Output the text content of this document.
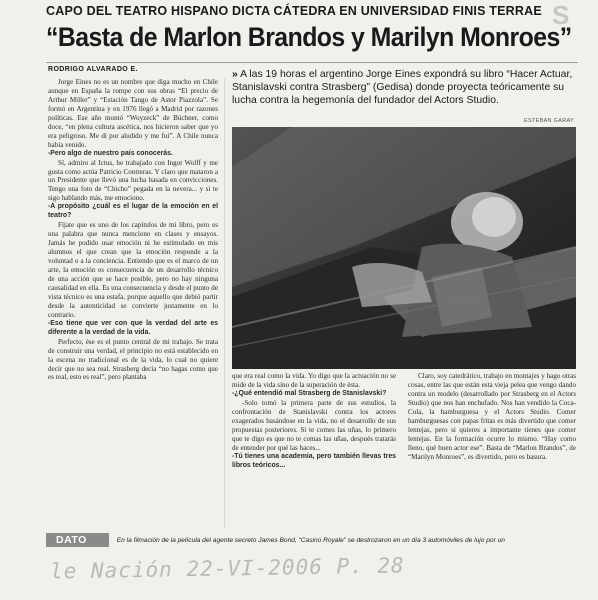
CAPO DEL TEATRO HISPANO DICTA CÁTEDRA EN UNIVERSIDAD FINIS TERRAE S
“Basta de Marlon Brandos y Marilyn Monroes”
RODRIGO ALVARADO E.	» A las 19 horas el argentino Jorge Eines expondrá su libro “Hacer Actuar, Stanislavski contra Strasberg” (Gedisa) donde proyecta teóricamente su lucha contra la hegemonía del fundador del Actors Studio.
ESTEBAN GARAY

Jorge Eines no es un nombre que diga mucho en Chile aunque en España la rompe con sus obras “El precio de Arthur Miller” y “Estación Tango de Astor Piazzola”. Se formó en Argentina y en 1976 llegó a Madrid por razones políticas. Ese año montó “Woyzeck” de Büchner, como doce, “en plena cultura ascética, nos hicieron saber que yo era peligroso. Me di por aludido y me fui”. A Chile nunca había venido.

-Pero algo de nuestro país conocerás.

Sí, admiro al Ictus, he trabajado con Ingot Wolff y me gusta como actúa Patricio Contreras. Y claro que mataron a un Presidente que llevó una lucha basada en convicciones. Tengo una foto de “Chicho” pegada en la nevera... y si te sigo hablando más, me emociono.

-A propósito ¿cuál es el lugar de la emoción en el teatro?

Fíjate que es uno de los capítulos de mi libro, pero es una palabra que nunca menciono en clases y ensayos. Jamás he podido usar emoción ni he estimulado en mis alumnos el que crean que la emoción responde a la voluntad o a la conciencia. Entiendo que es el marco de un arte, la emoción es consecuencia de un desarrollo técnico de una acción que se hace posible, pero no hay ninguna causalidad en ella. Es una consecuencia y desde el punto de vista técnico es una estafa, porque aquello que debió partir desde la autenticidad se convierte justamente en lo contrario.

-Eso tiene que ver con que la verdad del arte es diferente a la verdad de la vida.

Perfecto, ése es el punto central de mi trabajo. Se trata de construir una verdad, el principio no está establecido en la escena no tradicional es de la vida, lo cual no quiere decir que no sea real. Strasberg decía “no hagas como que es real, esto es real”, pero plantaba	que era real como la vida. Yo digo que la actuación no se mide de la vida sino de la superación de ésta.

-¿Qué entendió mal Strasberg de Stanislavski?

-Solo tomó la primera parte de sus estudios, la confrontación de Stanislavski contra los actores exagerados basándose en la vida, no el desarrollo de sus propuestas posteriores. Si te comes las uñas, lo primero que te digo es que no te comas las uñas, después tratarás de entender por qué las haces...

-Tú tienes una academia, pero también llevas tres libros teóricos...

Claro, soy catedrático, trabajo en montajes y hago otras cosas, entre las que están esta vieja pelea que vengo dando contra un modelo (desarrollado por Strasberg en el Actors Studio) que nos han enchufado. Nos han vendido la Coca-Cola, la hamburguesa y el Actors Studio. Comer hamburguesas con papas fritas es más divertido que comer lentejas, pero si quieres a importante tienes que comer lentejas. En la formación ocurre lo mismo. “Hay como lleno, qué buen actor ese”. Basta de “Marlon Brandos”, de “Marilyn Monroes”, es divertido, pero es basura.

DATO	En la filmación de la película del agente secreto James Bond, “Casino Royale” se destrozaron en un día 3 automóviles de lujo por un
le Nación 22-VI-2006 P. 28
